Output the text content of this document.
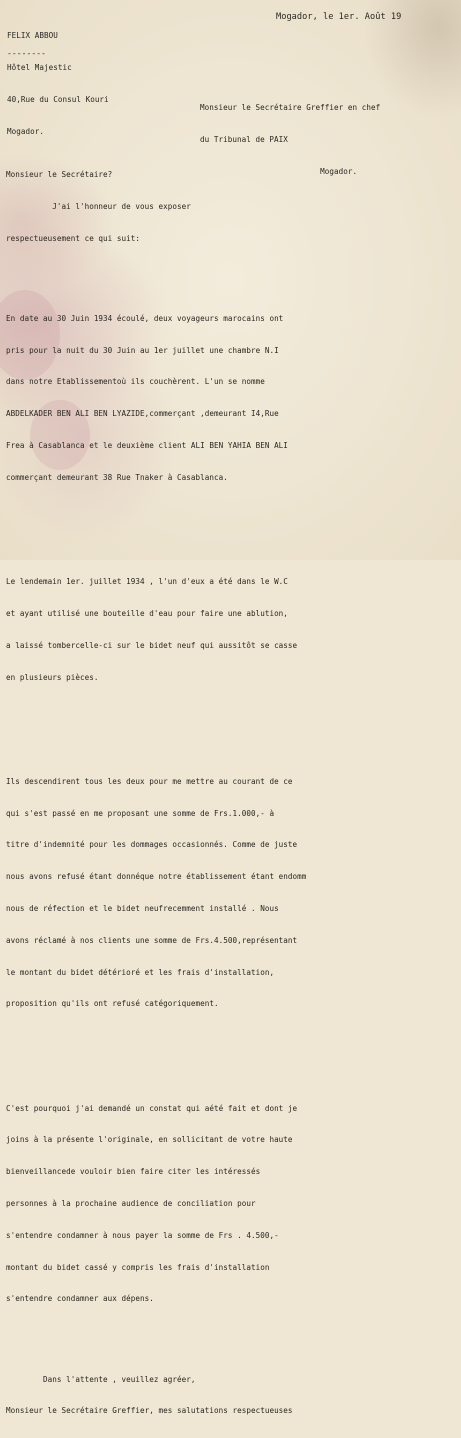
FELIX ABBOU

Hôtel Majestic

40,Rue du Consul Kouri

Mogador.

--------
Mogador, le 1er. Août 19

Monsieur le Secrétaire Greffier en chef

du Tribunal de PAIX

Mogador.

Monsieur le Secrétaire?

J'ai l'honneur de vous exposer

respectueusement ce qui suit:

En date au 30 Juin 1934 écoulé, deux voyageurs marocains ont

pris pour la nuit du 30 Juin au 1er juillet une chambre N.I

dans notre Etablissementoù ils couchèrent. L'un se nomme

ABDELKADER BEN ALI BEN LYAZIDE,commerçant ,demeurant I4,Rue

Frea à Casablanca et le deuxième client ALI BEN YAHIA BEN ALI

commerçant demeurant 38 Rue Tnaker à Casablanca.

Le lendemain 1er. juillet 1934 , l'un d'eux a été dans le W.C

et ayant utilisé une bouteille d'eau pour faire une ablution,

a laissé tombercelle-ci sur le bidet neuf qui aussitôt se casse

en plusieurs pièces.

Ils descendirent tous les deux pour me mettre au courant de ce

qui s'est passé en me proposant une somme de Frs.1.000,- à

titre d'indemnité pour les dommages occasionnés. Comme de juste

nous avons refusé étant donnéque notre établissement étant endomm

nous de réfection et le bidet neufrecemment installé . Nous

avons réclamé à nos clients une somme de Frs.4.500,représentant

le montant du bidet détérioré et les frais d'installation,

proposition qu'ils ont refusé catégoriquement.

C'est pourquoi j'ai demandé un constat qui aété fait et dont je

joins à la présente l'originale, en sollicitant de votre haute

bienveillancede vouloir bien faire citer les intéressés

personnes à la prochaine audience de conciliation pour

s'entendre condamner à nous payer la somme de Frs . 4.500,-

montant du bidet cassé y compris les frais d'installation

s'entendre condamner aux dépens.

Dans l'attente , veuillez agréer,

Monsieur le Secrétaire Greffier, mes salutations respectueuses
